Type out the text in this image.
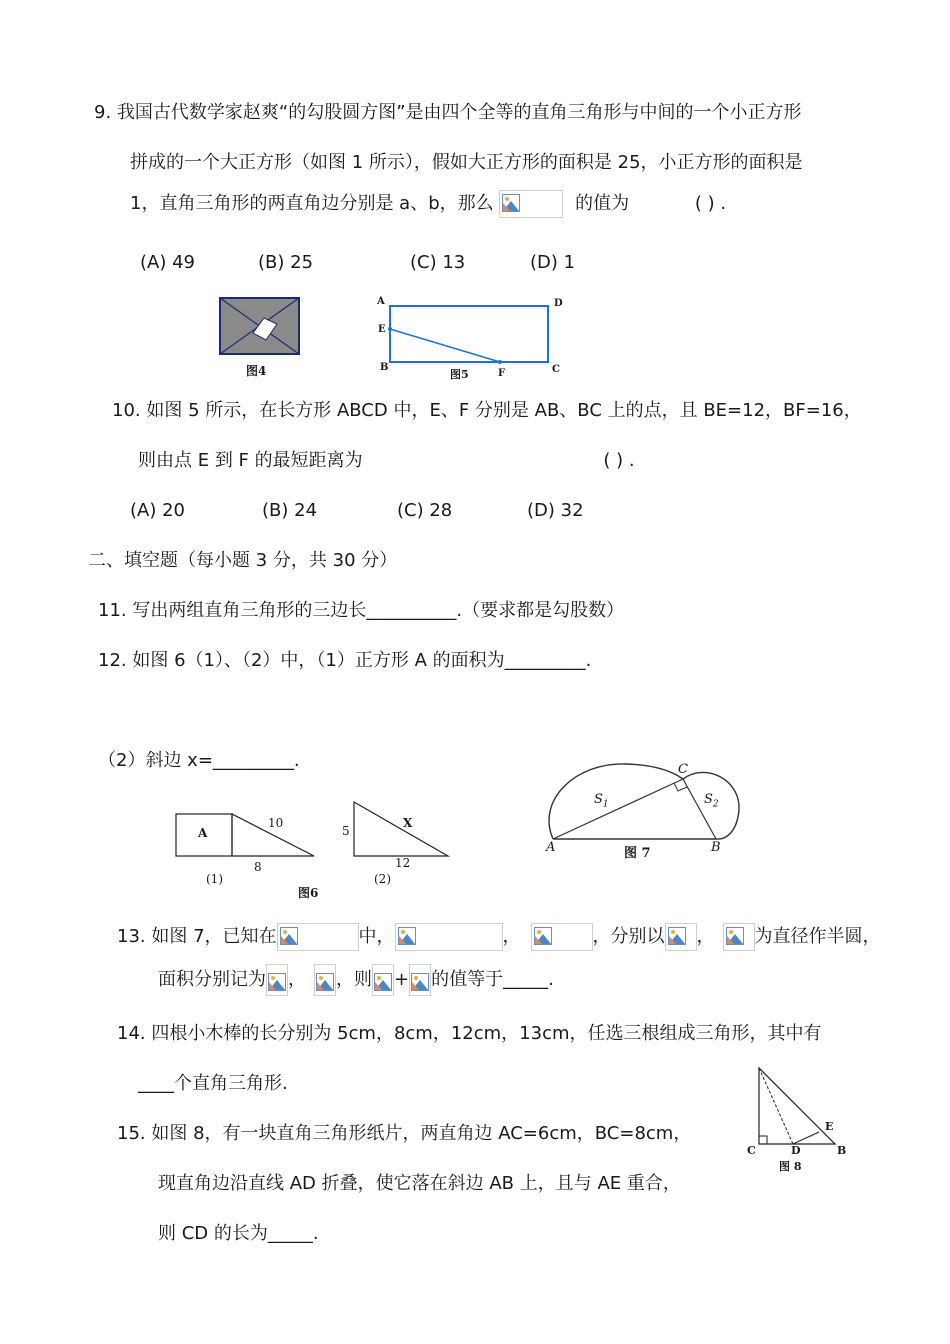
9. 我国古代数学家赵爽“的勾股圆方图”是由四个全等的直角三角形与中间的一个小正方形
拼成的一个大正方形（如图 1 所示），假如大正方形的面积是 25，小正方形的面积是
1，直角三角形的两直角边分别是 a、b，那么	的值为	( ) .
(A) 49	(B) 25	(C) 13	(D) 1
图4
A	D
E
B	C
F
图5
10. 如图 5 所示，在长方形 ABCD 中，E、F 分别是 AB、BC 上的点，且 BE=12，BF=16，
则由点 E 到 F 的最短距离为	( ) .
(A) 20	(B) 24	(C) 28	(D) 32
二、填空题（每小题 3 分，共 30 分）
11. 写出两组直角三角形的三边长__________.（要求都是勾股数）
12. 如图 6（1）、（2）中，（1）正方形 A 的面积为_________.
（2）斜边 x=_________.
A
10
8
(1)
5
X
12
(2)
图6
A	B
C
$S_1$	$S_2$
图 7
13. 如图 7，已知在	中，	，	，分别以 ， 为直径作半圆，
面积分别记为 ， ，则 + 的值等于_____.
14. 四根小木棒的长分别为 5cm，8cm，12cm，13cm，任选三根组成三角形，其中有
____个直角三角形.
C	D	B
E
图 8
15. 如图 8，有一块直角三角形纸片，两直角边 AC=6cm，BC=8cm，
现直角边沿直线 AD 折叠，使它落在斜边 AB 上，且与 AE 重合，
则 CD 的长为_____.
